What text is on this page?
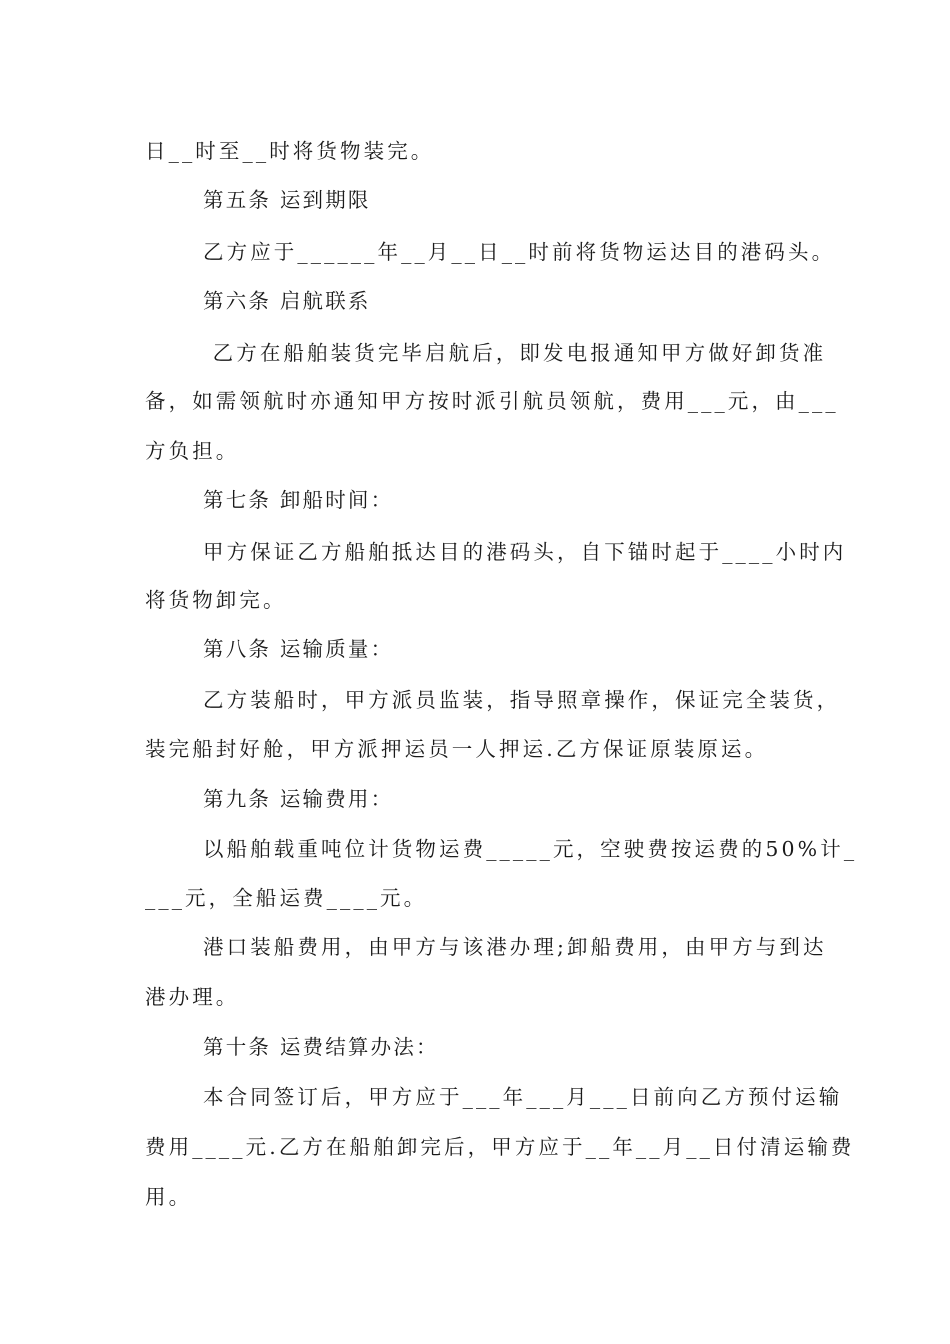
日__时至__时将货物装完。
第五条 运到期限
乙方应于______年__月__日__时前将货物运达目的港码头。
第六条 启航联系
乙方在船舶装货完毕启航后，即发电报通知甲方做好卸货准
备，如需领航时亦通知甲方按时派引航员领航，费用___元，由___
方负担。
第七条 卸船时间：
甲方保证乙方船舶抵达目的港码头，自下锚时起于____小时内
将货物卸完。
第八条 运输质量：
乙方装船时，甲方派员监装，指导照章操作，保证完全装货，
装完船封好舱，甲方派押运员一人押运.乙方保证原装原运。
第九条 运输费用：
以船舶载重吨位计货物运费_____元，空驶费按运费的50%计_
___元，全船运费____元。
港口装船费用，由甲方与该港办理;卸船费用，由甲方与到达
港办理。
第十条 运费结算办法：
本合同签订后，甲方应于___年___月___日前向乙方预付运输
费用____元.乙方在船舶卸完后，甲方应于__年__月__日付清运输费
用。
